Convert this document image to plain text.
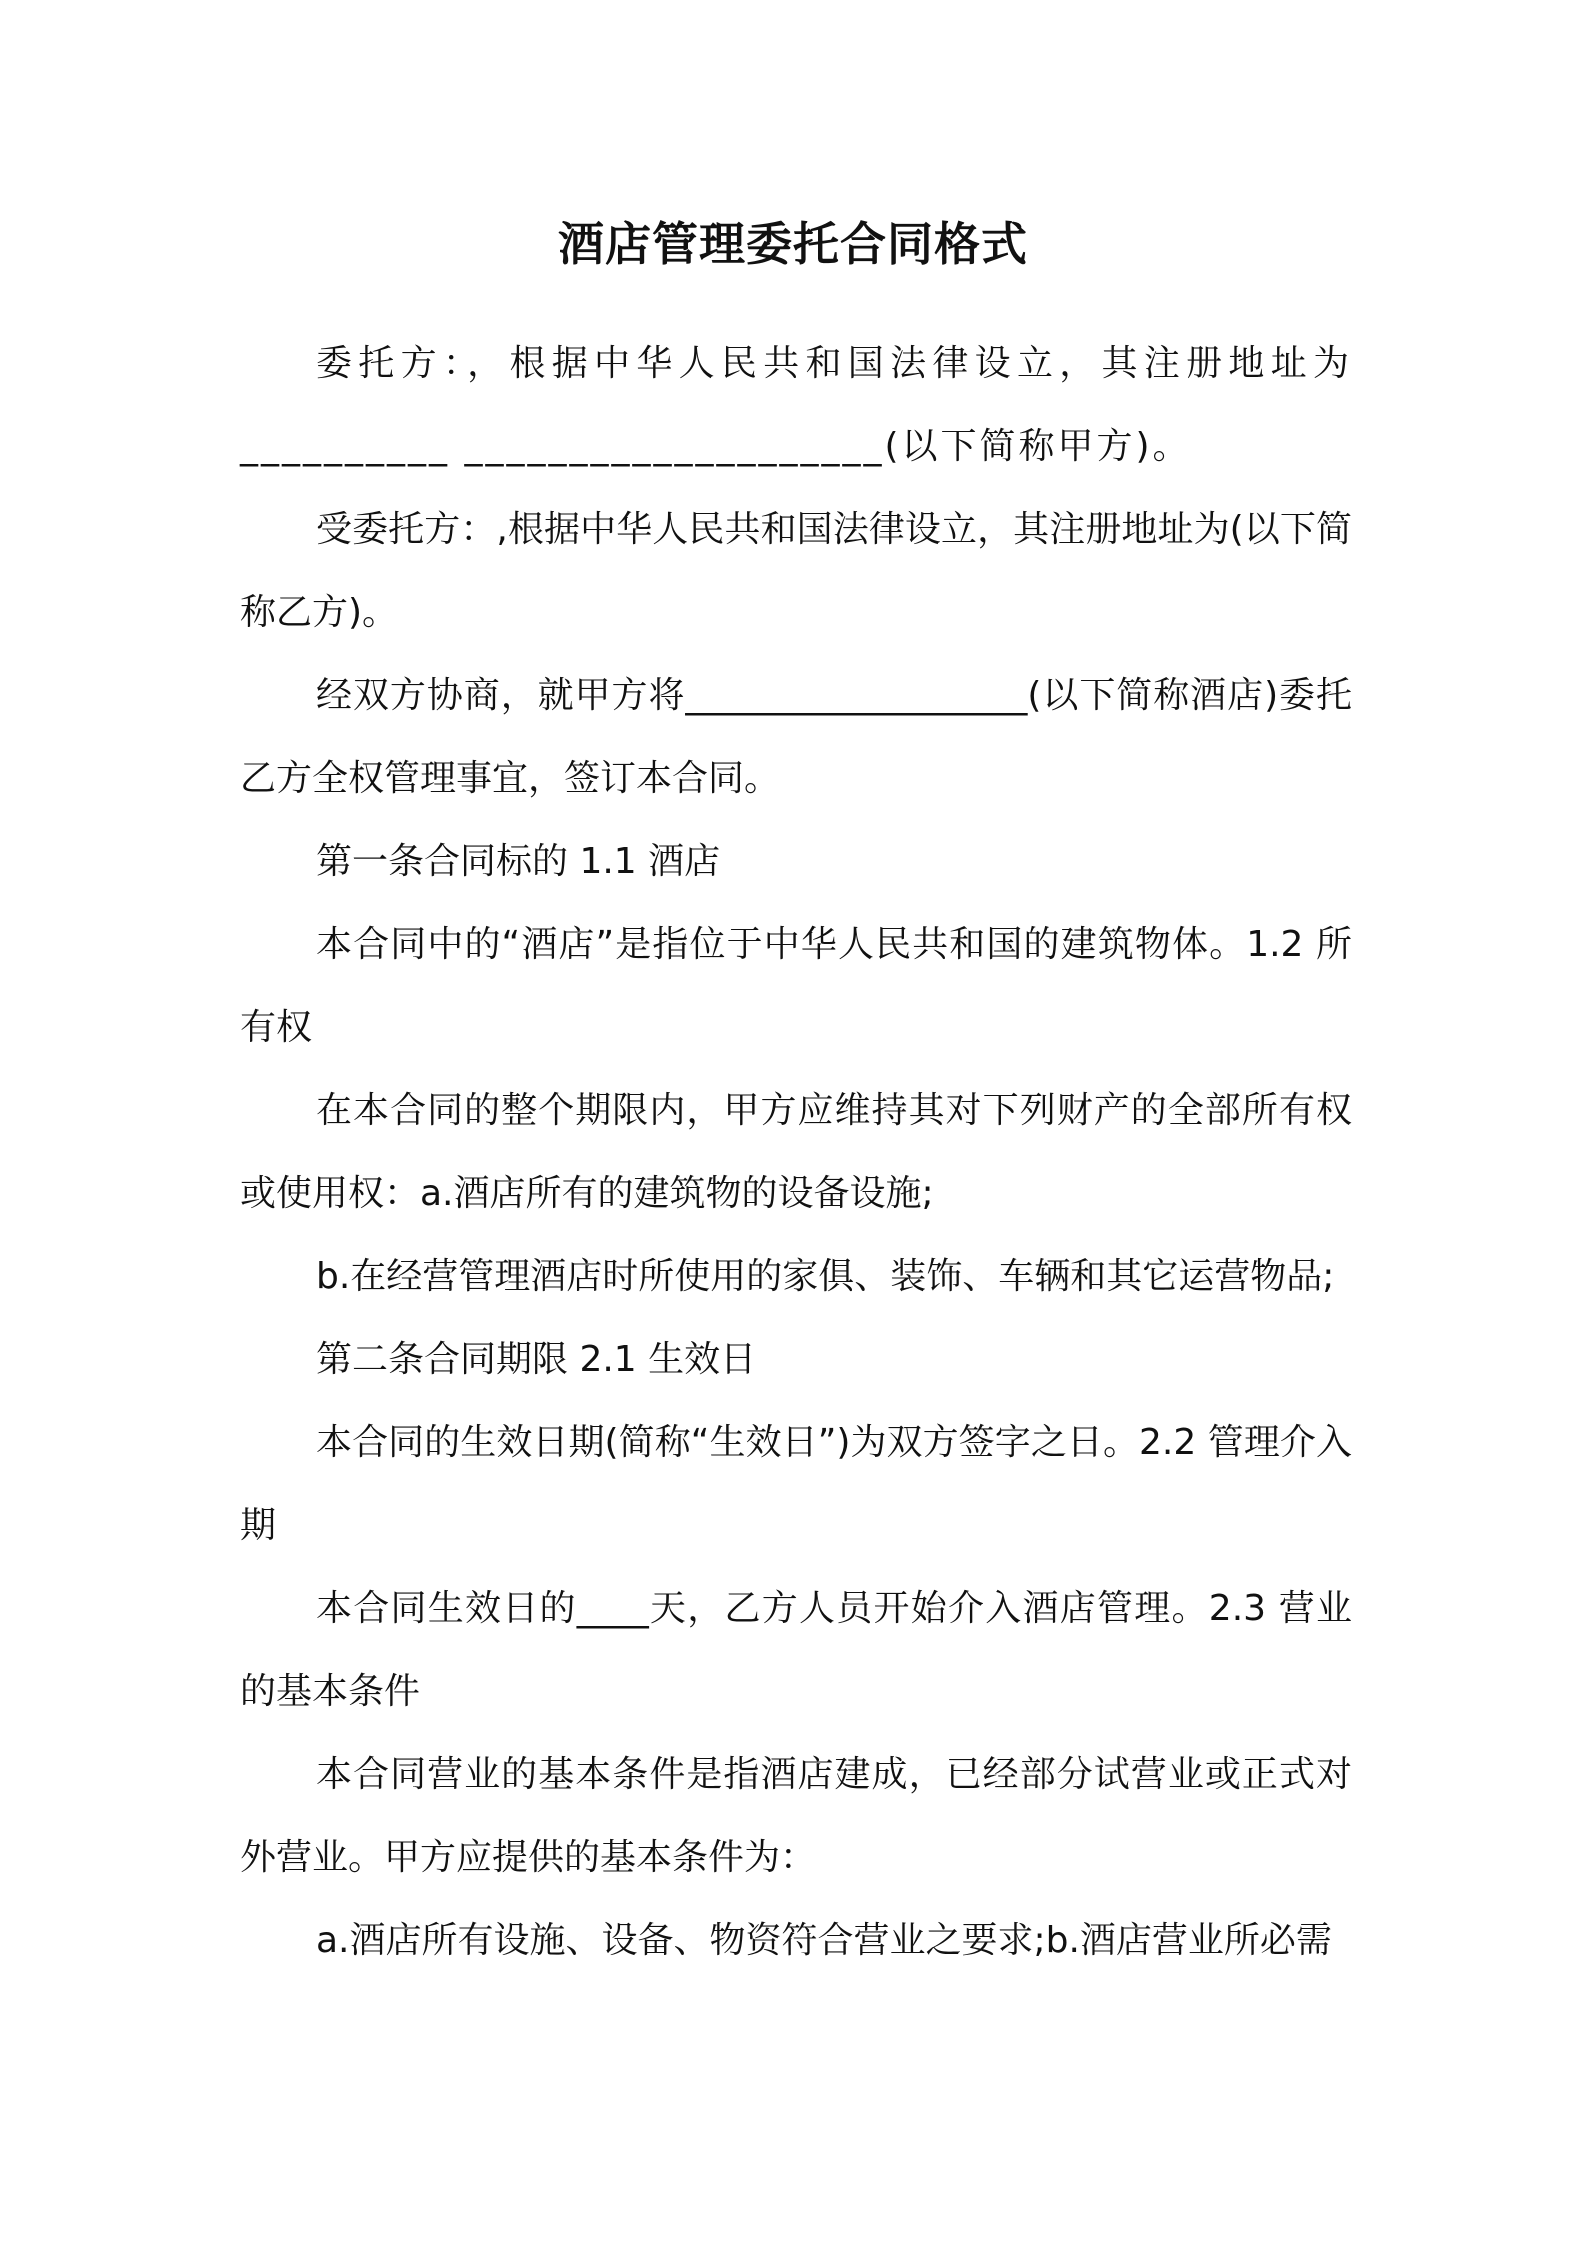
酒店管理委托合同格式

委托方：，根据中华人民共和国法律设立，其注册地址为__________ ____________________(以下简称甲方)。

受委托方：,根据中华人民共和国法律设立，其注册地址为(以下简称乙方)。

经双方协商，就甲方将___________________(以下简称酒店)委托乙方全权管理事宜，签订本合同。

第一条合同标的 1.1 酒店

本合同中的“酒店”是指位于中华人民共和国的建筑物体。1.2 所有权

在本合同的整个期限内，甲方应维持其对下列财产的全部所有权或使用权：a.酒店所有的建筑物的设备设施;

b.在经营管理酒店时所使用的家俱、装饰、车辆和其它运营物品;

第二条合同期限 2.1 生效日

本合同的生效日期(简称“生效日”)为双方签字之日。2.2 管理介入期

本合同生效日的____天，乙方人员开始介入酒店管理。2.3 营业的基本条件

本合同营业的基本条件是指酒店建成，已经部分试营业或正式对外营业。甲方应提供的基本条件为：

a.酒店所有设施、设备、物资符合营业之要求;b.酒店营业所必需
